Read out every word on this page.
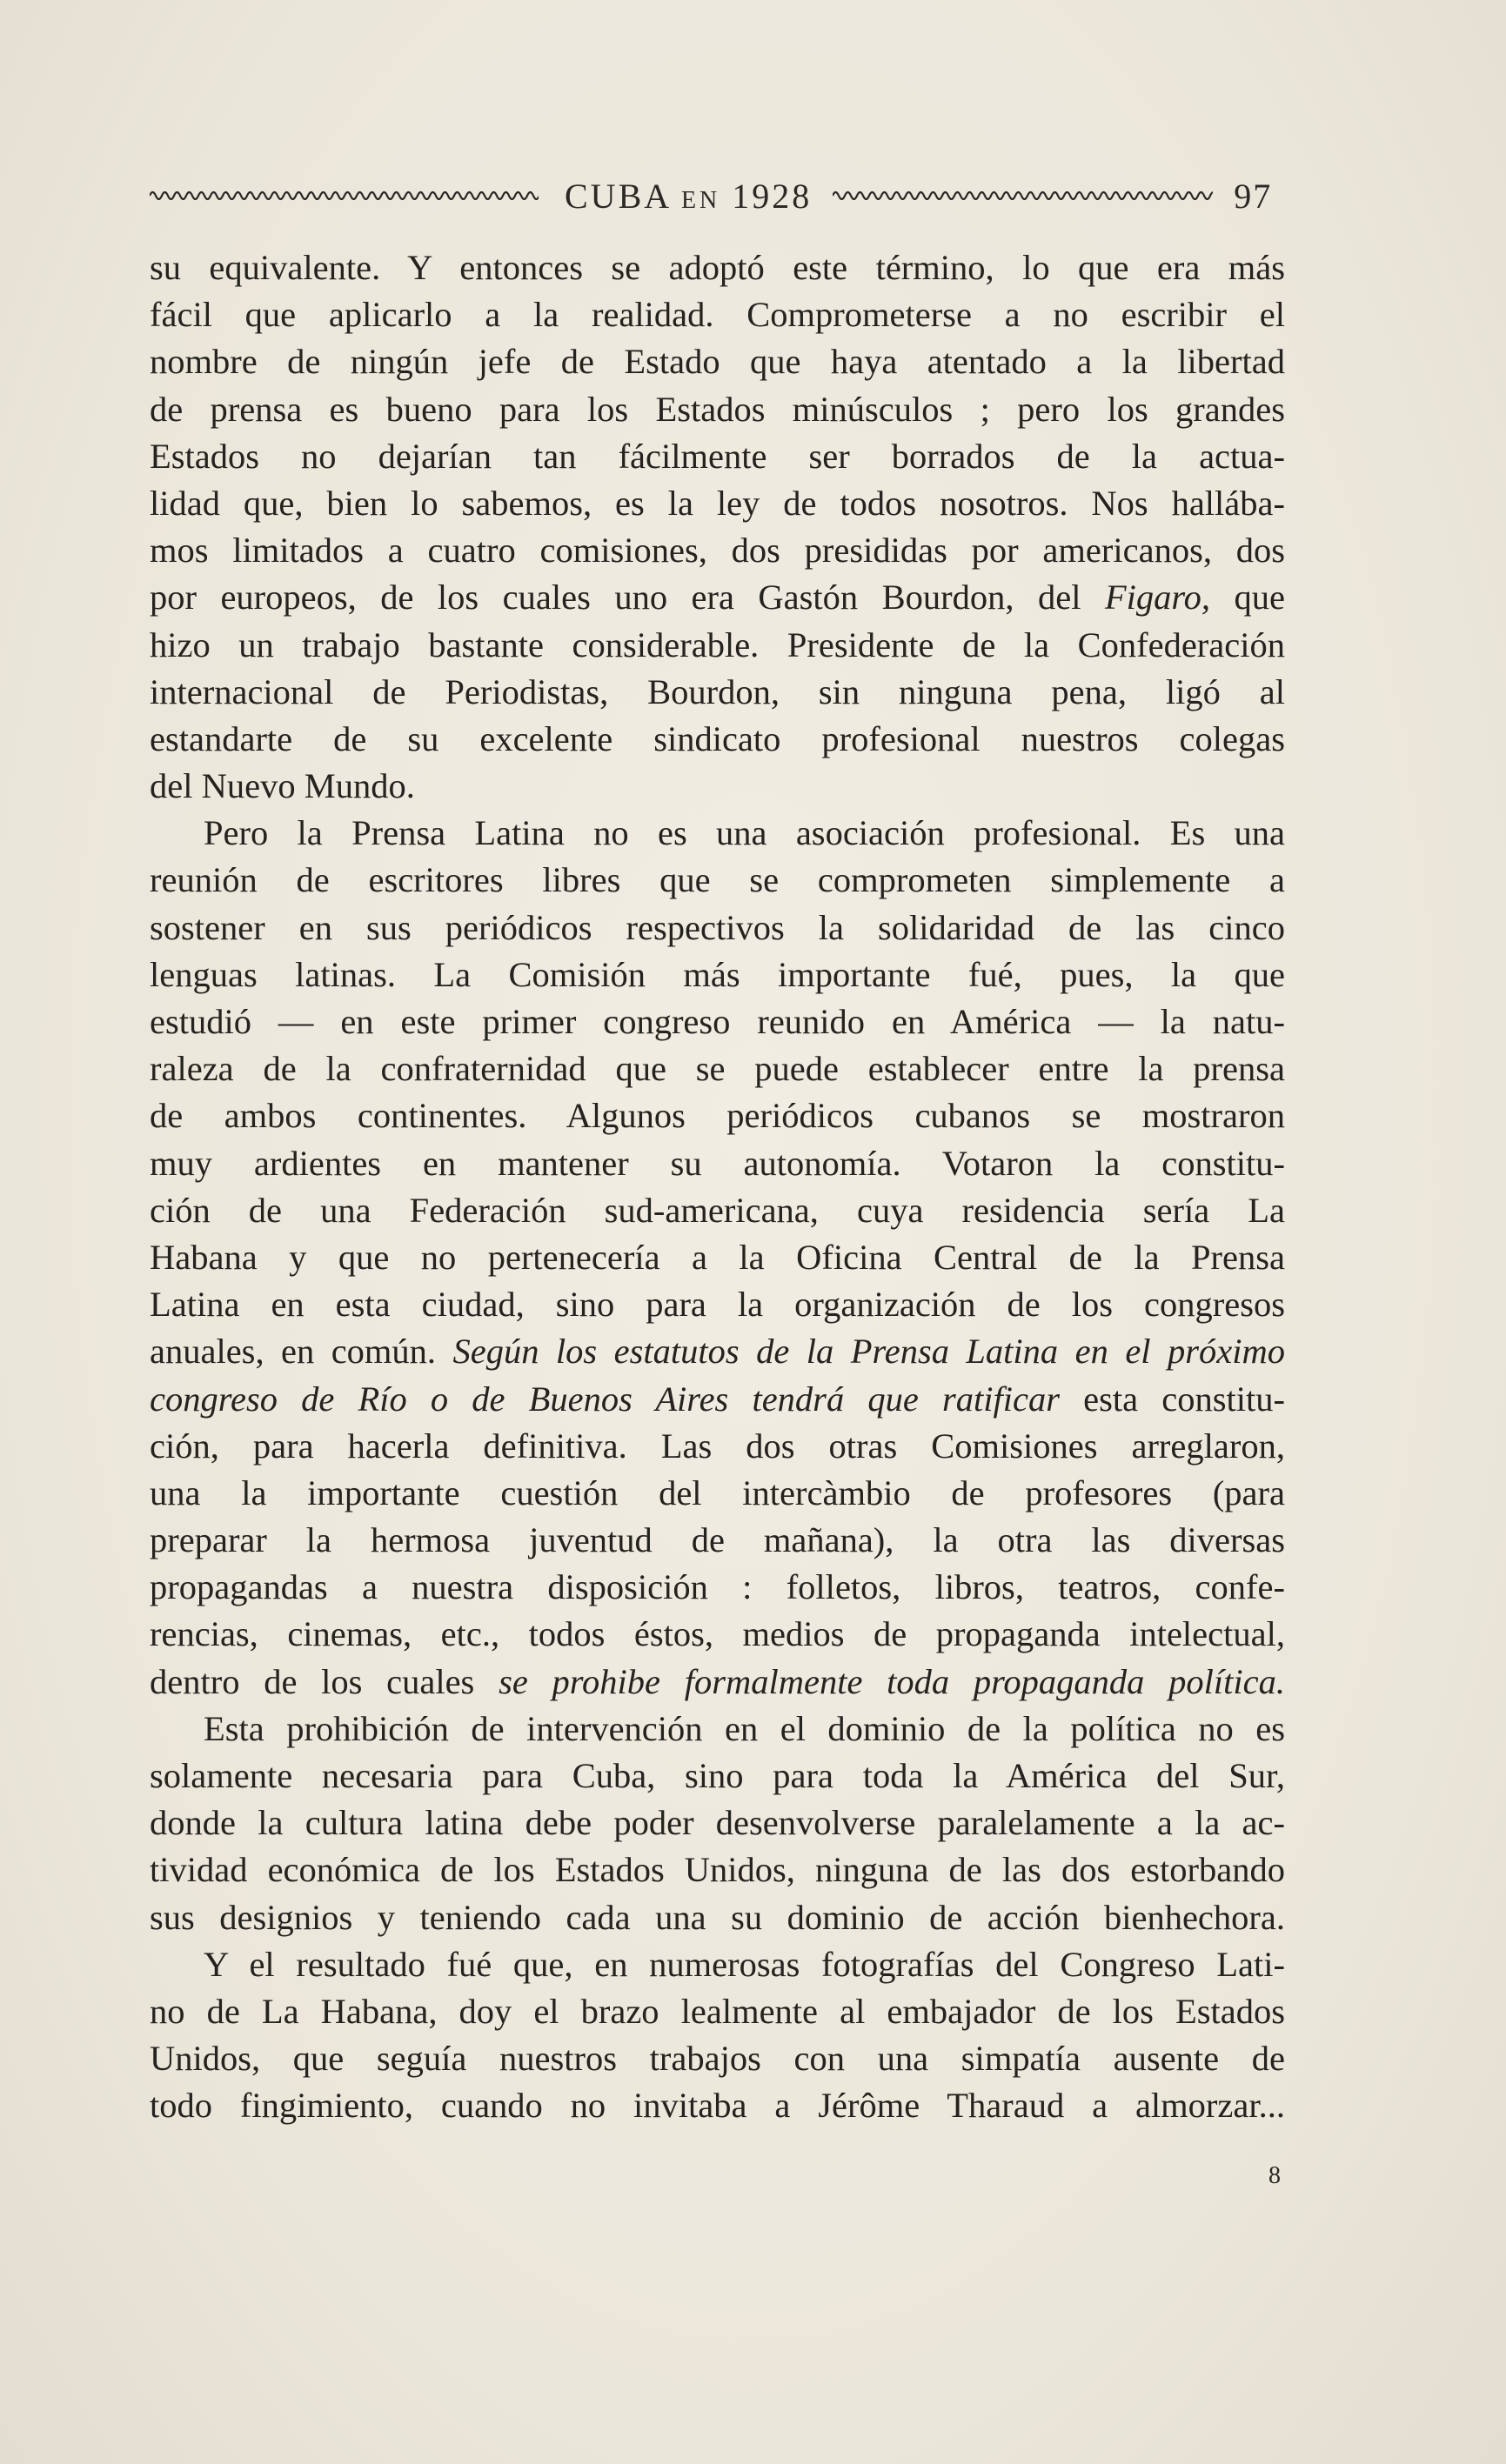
CUBA EN 1928	97
su equivalente. Y entonces se adoptó este término, lo que era más
fácil que aplicarlo a la realidad. Comprometerse a no escribir el
nombre de ningún jefe de Estado que haya atentado a la libertad
de prensa es bueno para los Estados minúsculos ; pero los grandes
Estados no dejarían tan fácilmente ser borrados de la actua-
lidad que, bien lo sabemos, es la ley de todos nosotros. Nos hallába-
mos limitados a cuatro comisiones, dos presididas por americanos, dos
por europeos, de los cuales uno era Gastón Bourdon, del Figaro, que
hizo un trabajo bastante considerable. Presidente de la Confederación
internacional de Periodistas, Bourdon, sin ninguna pena, ligó al
estandarte de su excelente sindicato profesional nuestros colegas
del Nuevo Mundo.
Pero la Prensa Latina no es una asociación profesional. Es una
reunión de escritores libres que se comprometen simplemente a
sostener en sus periódicos respectivos la solidaridad de las cinco
lenguas latinas. La Comisión más importante fué, pues, la que
estudió — en este primer congreso reunido en América — la natu-
raleza de la confraternidad que se puede establecer entre la prensa
de ambos continentes. Algunos periódicos cubanos se mostraron
muy ardientes en mantener su autonomía. Votaron la constitu-
ción de una Federación sud-americana, cuya residencia sería La
Habana y que no pertenecería a la Oficina Central de la Prensa
Latina en esta ciudad, sino para la organización de los congresos
anuales, en común. Según los estatutos de la Prensa Latina en el próximo
congreso de Río o de Buenos Aires tendrá que ratificar esta constitu-
ción, para hacerla definitiva. Las dos otras Comisiones arreglaron,
una la importante cuestión del intercàmbio de profesores (para
preparar la hermosa juventud de mañana), la otra las diversas
propagandas a nuestra disposición : folletos, libros, teatros, confe-
rencias, cinemas, etc., todos éstos, medios de propaganda intelectual,
dentro de los cuales se prohibe formalmente toda propaganda política.
Esta prohibición de intervención en el dominio de la política no es
solamente necesaria para Cuba, sino para toda la América del Sur,
donde la cultura latina debe poder desenvolverse paralelamente a la ac-
tividad económica de los Estados Unidos, ninguna de las dos estorbando
sus designios y teniendo cada una su dominio de acción bienhechora.
Y el resultado fué que, en numerosas fotografías del Congreso Lati-
no de La Habana, doy el brazo lealmente al embajador de los Estados
Unidos, que seguía nuestros trabajos con una simpatía ausente de
todo fingimiento, cuando no invitaba a Jérôme Tharaud a almorzar...
8
